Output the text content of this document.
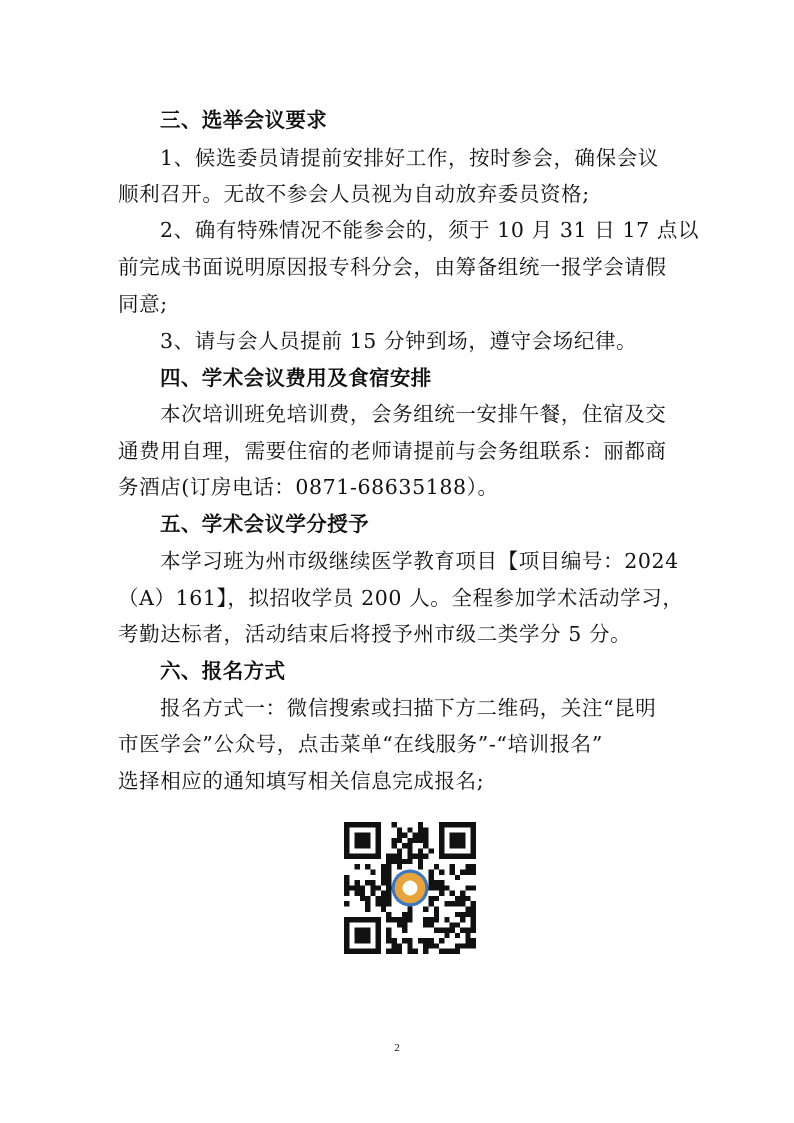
三、选举会议要求
1、候选委员请提前安排好工作，按时参会，确保会议
顺利召开。无故不参会人员视为自动放弃委员资格;
2、确有特殊情况不能参会的，须于 10 月 31 日 17 点以
前完成书面说明原因报专科分会，由筹备组统一报学会请假
同意;
3、请与会人员提前 15 分钟到场，遵守会场纪律。
四、学术会议费用及食宿安排
本次培训班免培训费，会务组统一安排午餐，住宿及交
通费用自理，需要住宿的老师请提前与会务组联系：丽都商
务酒店(订房电话：0871-68635188）。
五、学术会议学分授予
本学习班为州市级继续医学教育项目【项目编号：2024
（A）161】，拟招收学员 200 人。全程参加学术活动学习，
考勤达标者，活动结束后将授予州市级二类学分 5 分。
六、报名方式
报名方式一：微信搜索或扫描下方二维码，关注“昆明
市医学会”公众号，点击菜单“在线服务”-“培训报名”
选择相应的通知填写相关信息完成报名;
2
